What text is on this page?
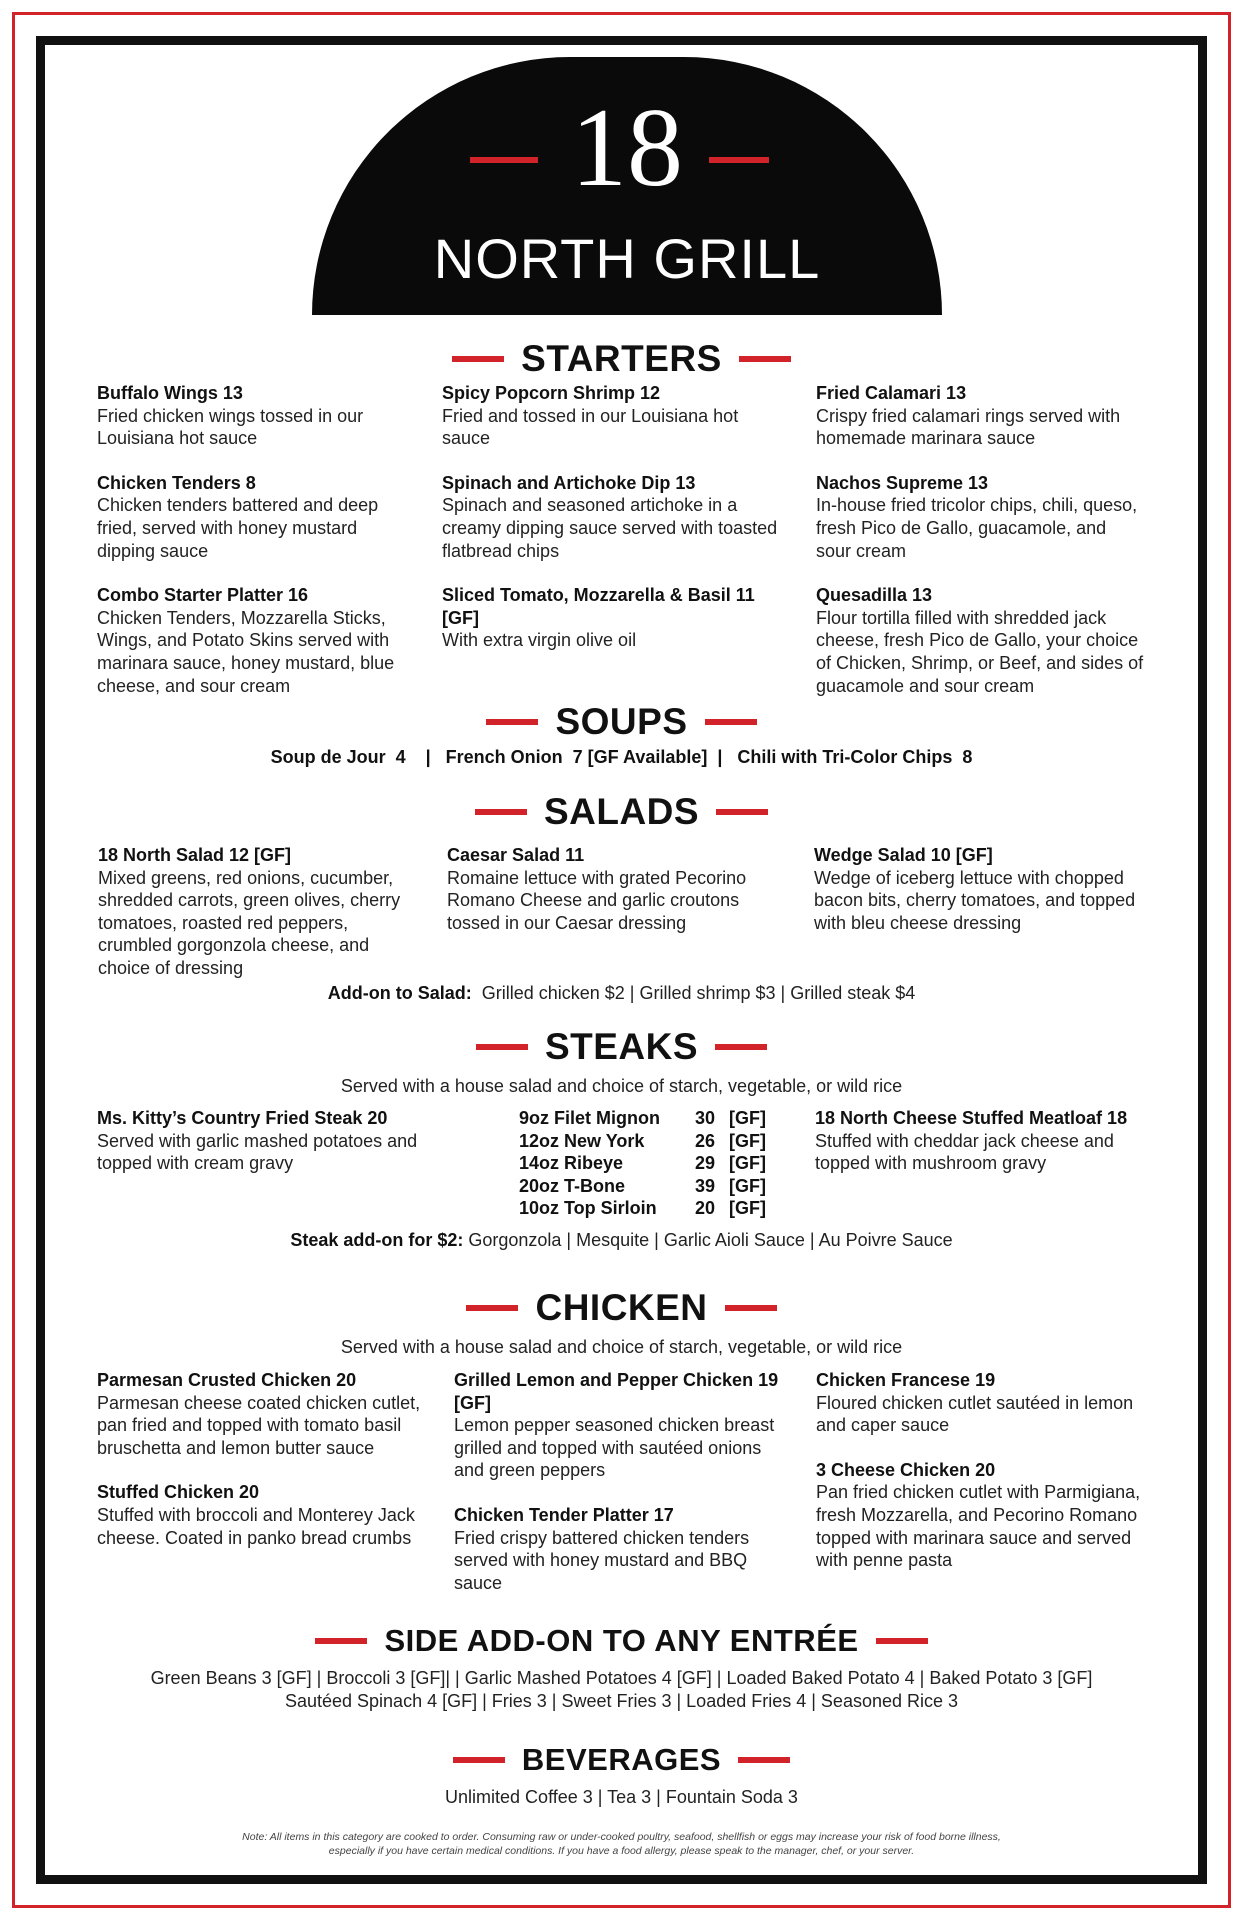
18
NORTH GRILL
STARTERS
Buffalo Wings 13
Fried chicken wings tossed in our Louisiana hot sauce
Chicken Tenders 8
Chicken tenders battered and deep fried, served with honey mustard dipping sauce
Combo Starter Platter 16
Chicken Tenders, Mozzarella Sticks, Wings, and Potato Skins served with marinara sauce, honey mustard, blue cheese, and sour cream
Spicy Popcorn Shrimp 12
Fried and tossed in our Louisiana hot sauce
Spinach and Artichoke Dip 13
Spinach and seasoned artichoke in a creamy dipping sauce served with toasted flatbread chips
Sliced Tomato, Mozzarella & Basil 11 [GF]
With extra virgin olive oil
Fried Calamari 13
Crispy fried calamari rings served with homemade marinara sauce
Nachos Supreme 13
In-house fried tricolor chips, chili, queso, fresh Pico de Gallo, guacamole, and sour cream
Quesadilla 13
Flour tortilla filled with shredded jack cheese, fresh Pico de Gallo, your choice of Chicken, Shrimp, or Beef, and sides of guacamole and sour cream
SOUPS
Soup de Jour  4    |   French Onion  7 [GF Available]  |   Chili with Tri-Color Chips  8
SALADS
18 North Salad 12 [GF]
Mixed greens, red onions, cucumber, shredded carrots, green olives, cherry tomatoes, roasted red peppers, crumbled gorgonzola cheese, and choice of dressing
Caesar Salad 11
Romaine lettuce with grated Pecorino Romano Cheese and garlic croutons tossed in our Caesar dressing
Wedge Salad 10 [GF]
Wedge of iceberg lettuce with chopped bacon bits, cherry tomatoes, and topped with bleu cheese dressing
Add-on to Salad: Grilled chicken $2 | Grilled shrimp $3 | Grilled steak $4
STEAKS
Served with a house salad and choice of starch, vegetable, or wild rice
Ms. Kitty’s Country Fried Steak 20
Served with garlic mashed potatoes and topped with cream gravy
9oz Filet Mignon	30	[GF]
12oz New York	26	[GF]
14oz Ribeye	29	[GF]
20oz T-Bone	39	[GF]
10oz Top Sirloin	20	[GF]
18 North Cheese Stuffed Meatloaf 18
Stuffed with cheddar jack cheese and topped with mushroom gravy
Steak add-on for $2: Gorgonzola | Mesquite | Garlic Aioli Sauce | Au Poivre Sauce
CHICKEN
Served with a house salad and choice of starch, vegetable, or wild rice
Parmesan Crusted Chicken 20
Parmesan cheese coated chicken cutlet, pan fried and topped with tomato basil bruschetta and lemon butter sauce
Stuffed Chicken 20
Stuffed with broccoli and Monterey Jack cheese. Coated in panko bread crumbs
Grilled Lemon and Pepper Chicken 19 [GF]
Lemon pepper seasoned chicken breast grilled and topped with sautéed onions and green peppers
Chicken Tender Platter 17
Fried crispy battered chicken tenders served with honey mustard and BBQ sauce
Chicken Francese 19
Floured chicken cutlet sautéed in lemon and caper sauce
3 Cheese Chicken 20
Pan fried chicken cutlet with Parmigiana, fresh Mozzarella, and Pecorino Romano topped with marinara sauce and served with penne pasta
SIDE ADD-ON TO ANY ENTRÉE
Green Beans 3 [GF] | Broccoli 3 [GF]| | Garlic Mashed Potatoes 4 [GF] | Loaded Baked Potato 4 | Baked Potato 3 [GF]
Sautéed Spinach 4 [GF] | Fries 3 | Sweet Fries 3 | Loaded Fries 4 | Seasoned Rice 3
BEVERAGES
Unlimited Coffee 3 | Tea 3 | Fountain Soda 3
Note: All items in this category are cooked to order. Consuming raw or under-cooked poultry, seafood, shellfish or eggs may increase your risk of food borne illness,
especially if you have certain medical conditions. If you have a food allergy, please speak to the manager, chef, or your server.
